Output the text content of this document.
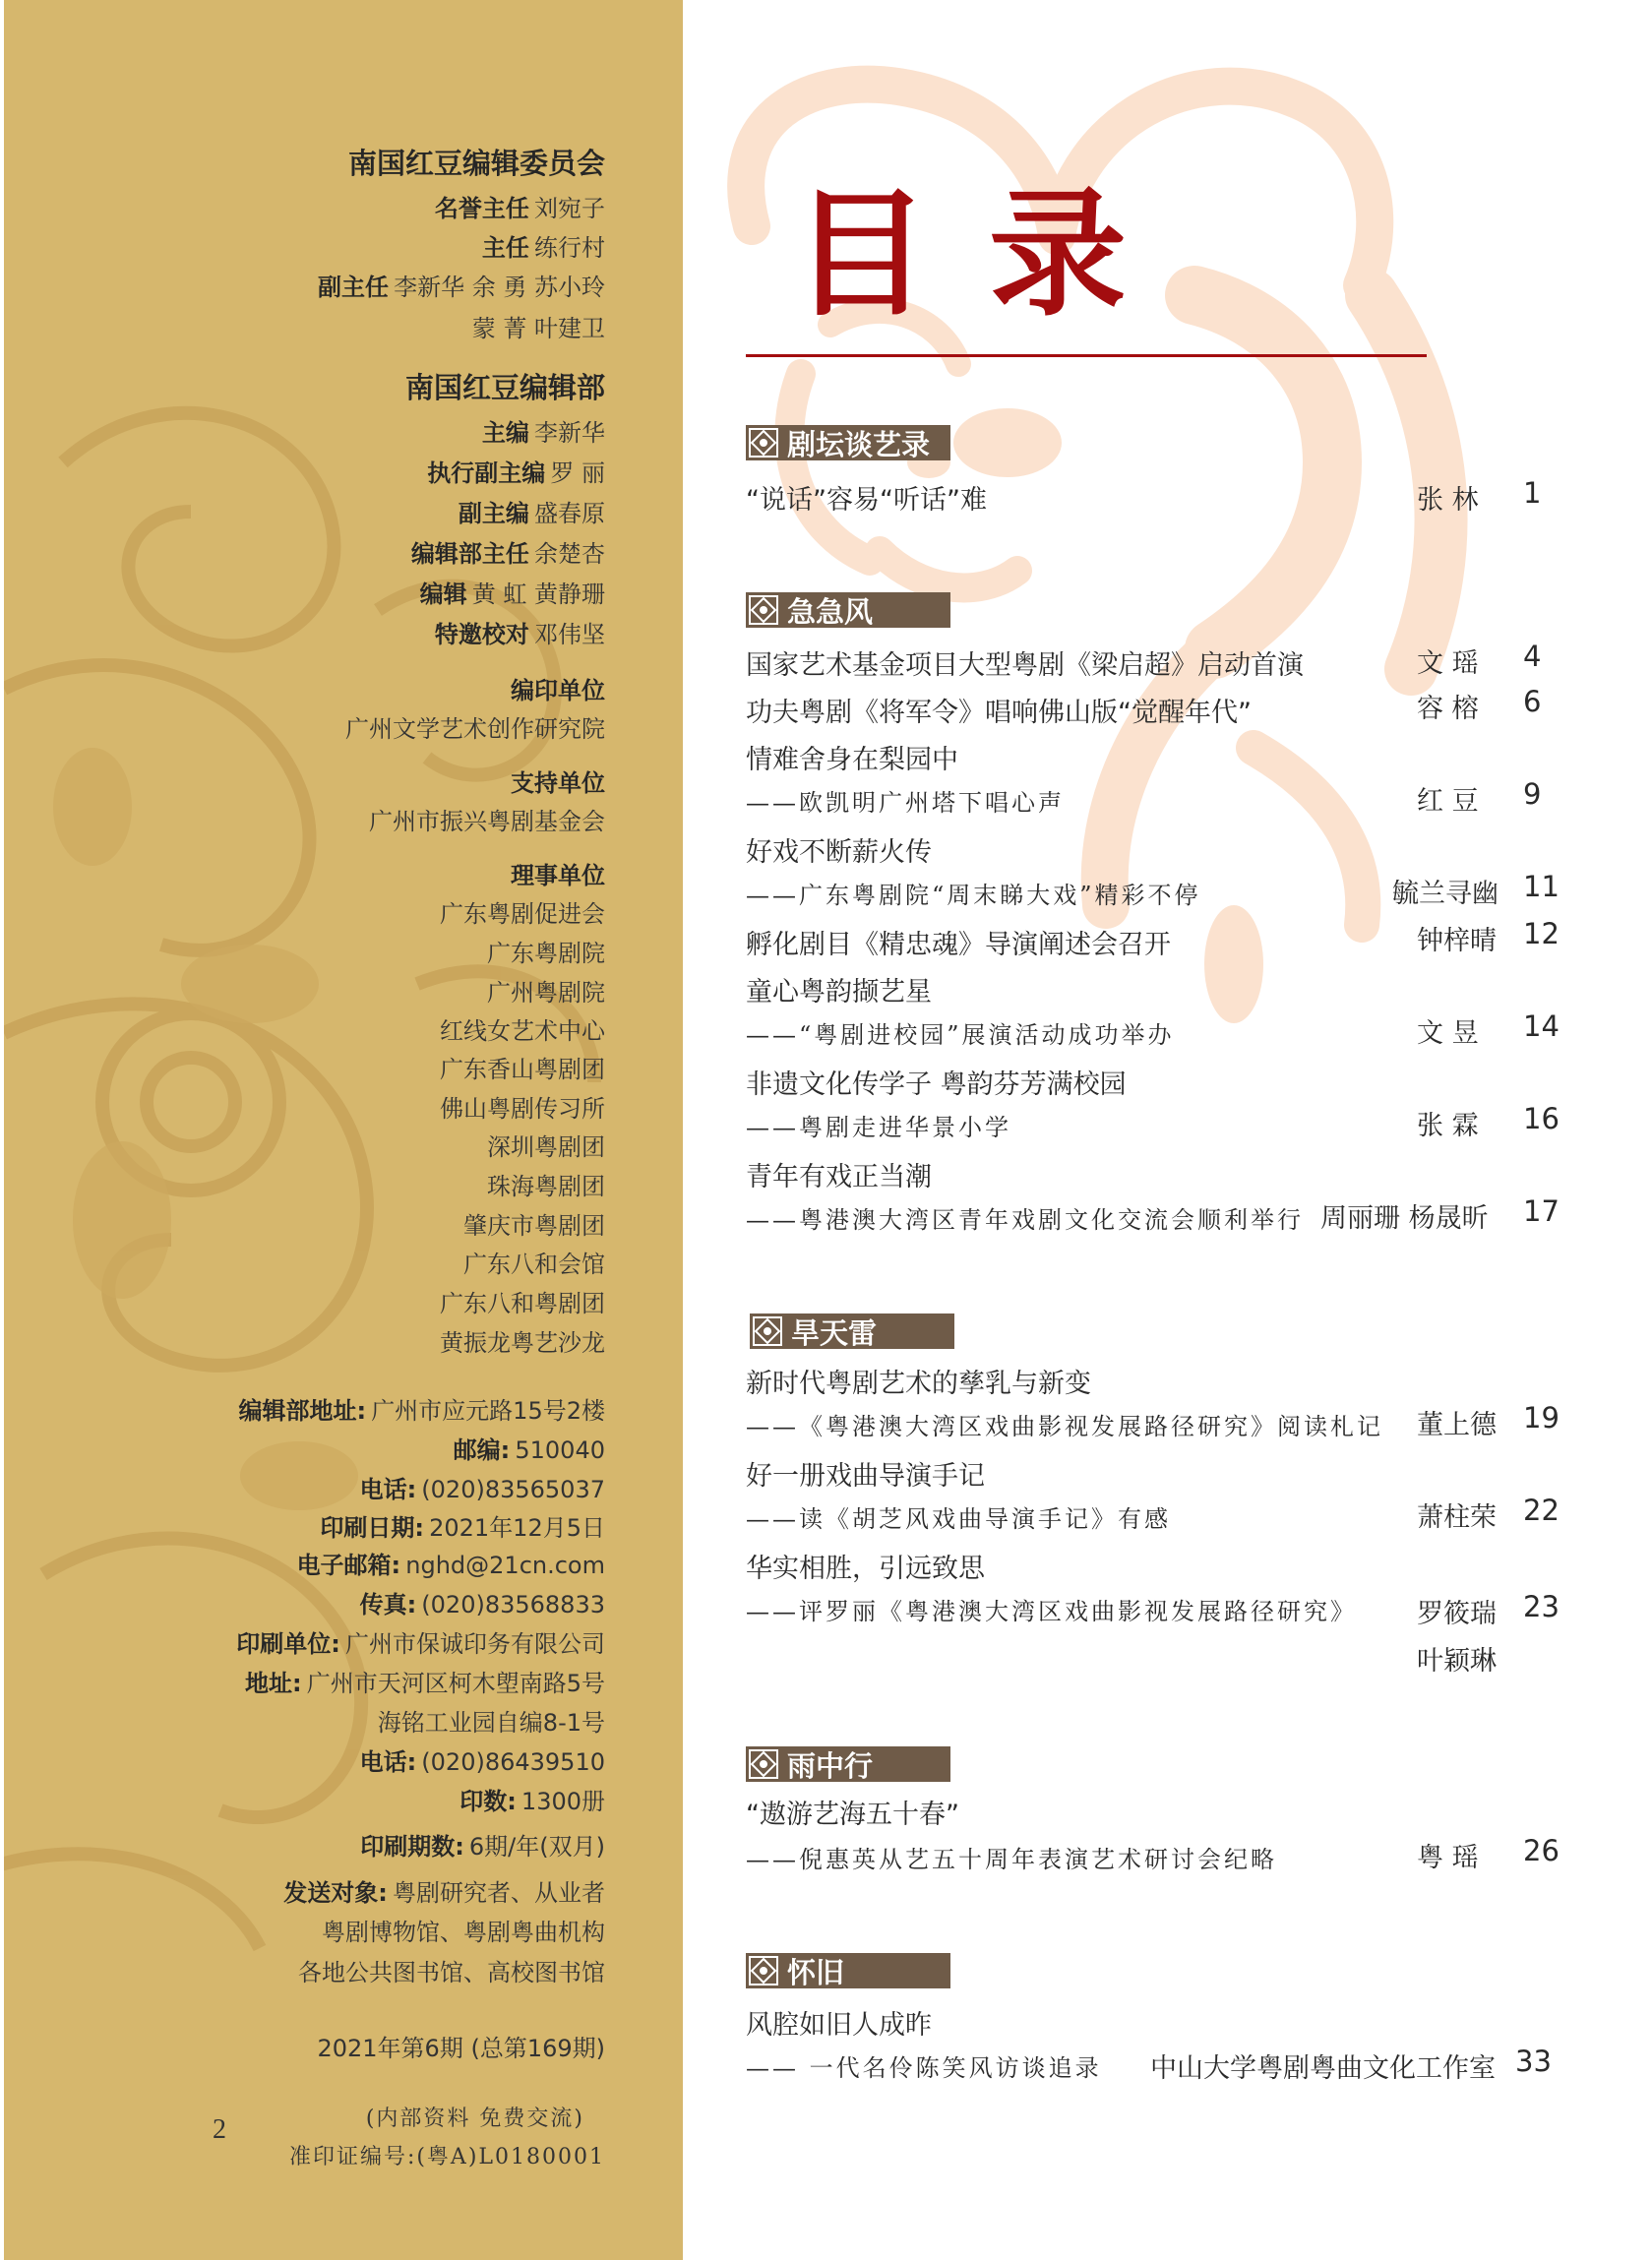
南国红豆编辑委员会
名誉主任 刘宛子
主任 练行村
副主任 李新华 余 勇 苏小玲
蒙 菁 叶建卫
南国红豆编辑部
主编 李新华
执行副主编 罗 丽
副主编 盛春原
编辑部主任 余楚杏
编辑 黄 虹 黄静珊
特邀校对 邓伟坚
编印单位
广州文学艺术创作研究院
支持单位
广州市振兴粤剧基金会
理事单位
广东粤剧促进会
广东粤剧院
广州粤剧院
红线女艺术中心
广东香山粤剧团
佛山粤剧传习所
深圳粤剧团
珠海粤剧团
肇庆市粤剧团
广东八和会馆
广东八和粤剧团
黄振龙粤艺沙龙
编辑部地址: 广州市应元路15号2楼
邮编: 510040
电话: (020)83565037
印刷日期: 2021年12月5日
电子邮箱: nghd@21cn.com
传真: (020)83568833
印刷单位: 广州市保诚印务有限公司
地址: 广州市天河区柯木塱南路5号
海铭工业园自编8-1号
电话: (020)86439510
印数: 1300册
印刷期数: 6期/年(双月)
发送对象: 粤剧研究者、从业者
粤剧博物馆、粤剧粤曲机构
各地公共图书馆、高校图书馆
2021年第6期 (总第169期)
(内部资料 免费交流)
准印证编号:(粤A)L0180001
2
目录
剧坛谈艺录
“说话”容易“听话”难	张 林 1
急急风
国家艺术基金项目大型粤剧《梁启超》启动首演	文 瑶 4
功夫粤剧《将军令》唱响佛山版“觉醒年代”	容 榕 6
情难舍身在梨园中
——欧凯明广州塔下唱心声	红 豆 9
好戏不断薪火传
——广东粤剧院“周末睇大戏”精彩不停	毓兰寻幽 11
孵化剧目《精忠魂》导演阐述会召开	钟梓晴 12
童心粤韵撷艺星
——“粤剧进校园”展演活动成功举办	文 昱 14
非遗文化传学子 粤韵芬芳满校园
——粤剧走进华景小学	张 霖 16
青年有戏正当潮
——粤港澳大湾区青年戏剧文化交流会顺利举行 周丽珊 杨晟昕 17
旱天雷
新时代粤剧艺术的孳乳与新变
——《粤港澳大湾区戏曲影视发展路径研究》阅读札记 董上德 19
好一册戏曲导演手记
——读《胡芝风戏曲导演手记》有感	萧柱荣 22
华实相胜，引远致思
——评罗丽《粤港澳大湾区戏曲影视发展路径研究》 罗筱瑞 23
叶颖琳
雨中行
“遨游艺海五十春”
——倪惠英从艺五十周年表演艺术研讨会纪略	粤 瑶 26
怀旧
风腔如旧人成昨
—— 一代名伶陈笑风访谈追录 中山大学粤剧粤曲文化工作室 33
